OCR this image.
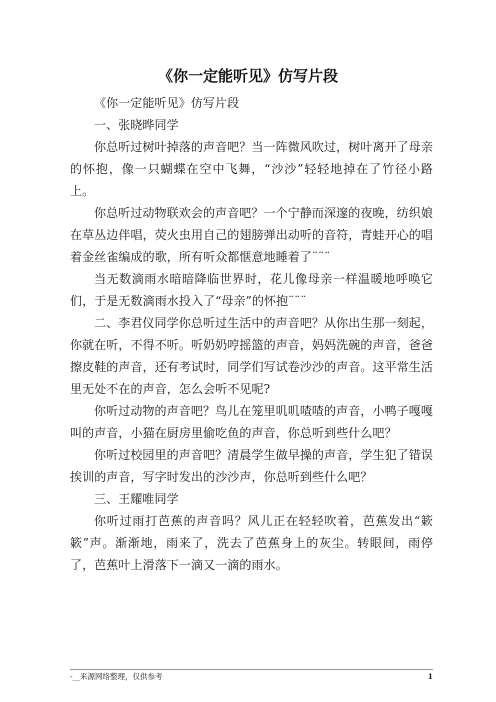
《你一定能听见》仿写片段

《你一定能听见》仿写片段

一、张晓晔同学

你总听过树叶掉落的声音吧？当一阵微风吹过，树叶离开了母亲的怀抱，像一只蝴蝶在空中飞舞，“沙沙”轻轻地掉在了竹径小路上。

你总听过动物联欢会的声音吧？一个宁静而深邃的夜晚，纺织娘在草丛边伴唱，荧火虫用自己的翅膀弹出动听的音符，青蛙开心的唱着金丝雀编成的歌，所有听众都惬意地睡着了¨¨¨

当无数滴雨水暗暗降临世界时，花儿像母亲一样温暖地呼唤它们，于是无数滴雨水投入了“母亲”的怀抱¨¨¨

二、李君仪同学你总听过生活中的声音吧？从你出生那一刻起，你就在听，不得不听。听奶奶哼摇篮的声音，妈妈洗碗的声音，爸爸擦皮鞋的声音，还有考试时，同学们写试卷沙沙的声音。这平常生活里无处不在的声音，怎么会听不见呢?

你听过动物的声音吧？鸟儿在笼里叽叽喳喳的声音，小鸭子嘎嘎叫的声音，小猫在厨房里偷吃鱼的声音，你总听到些什么吧？

你听过校园里的声音吧？清晨学生做早操的声音，学生犯了错误挨训的声音，写字时发出的沙沙声，你总听到些什么吧？

三、王耀唯同学

你听过雨打芭蕉的声音吗？风儿正在轻轻吹着，芭蕉发出“簌簌”声。渐渐地，雨来了，洗去了芭蕉身上的灰尘。转眼间，雨停了，芭蕉叶上滑落下一滴又一滴的雨水。

-__来源网络整理，仅供参考	1
